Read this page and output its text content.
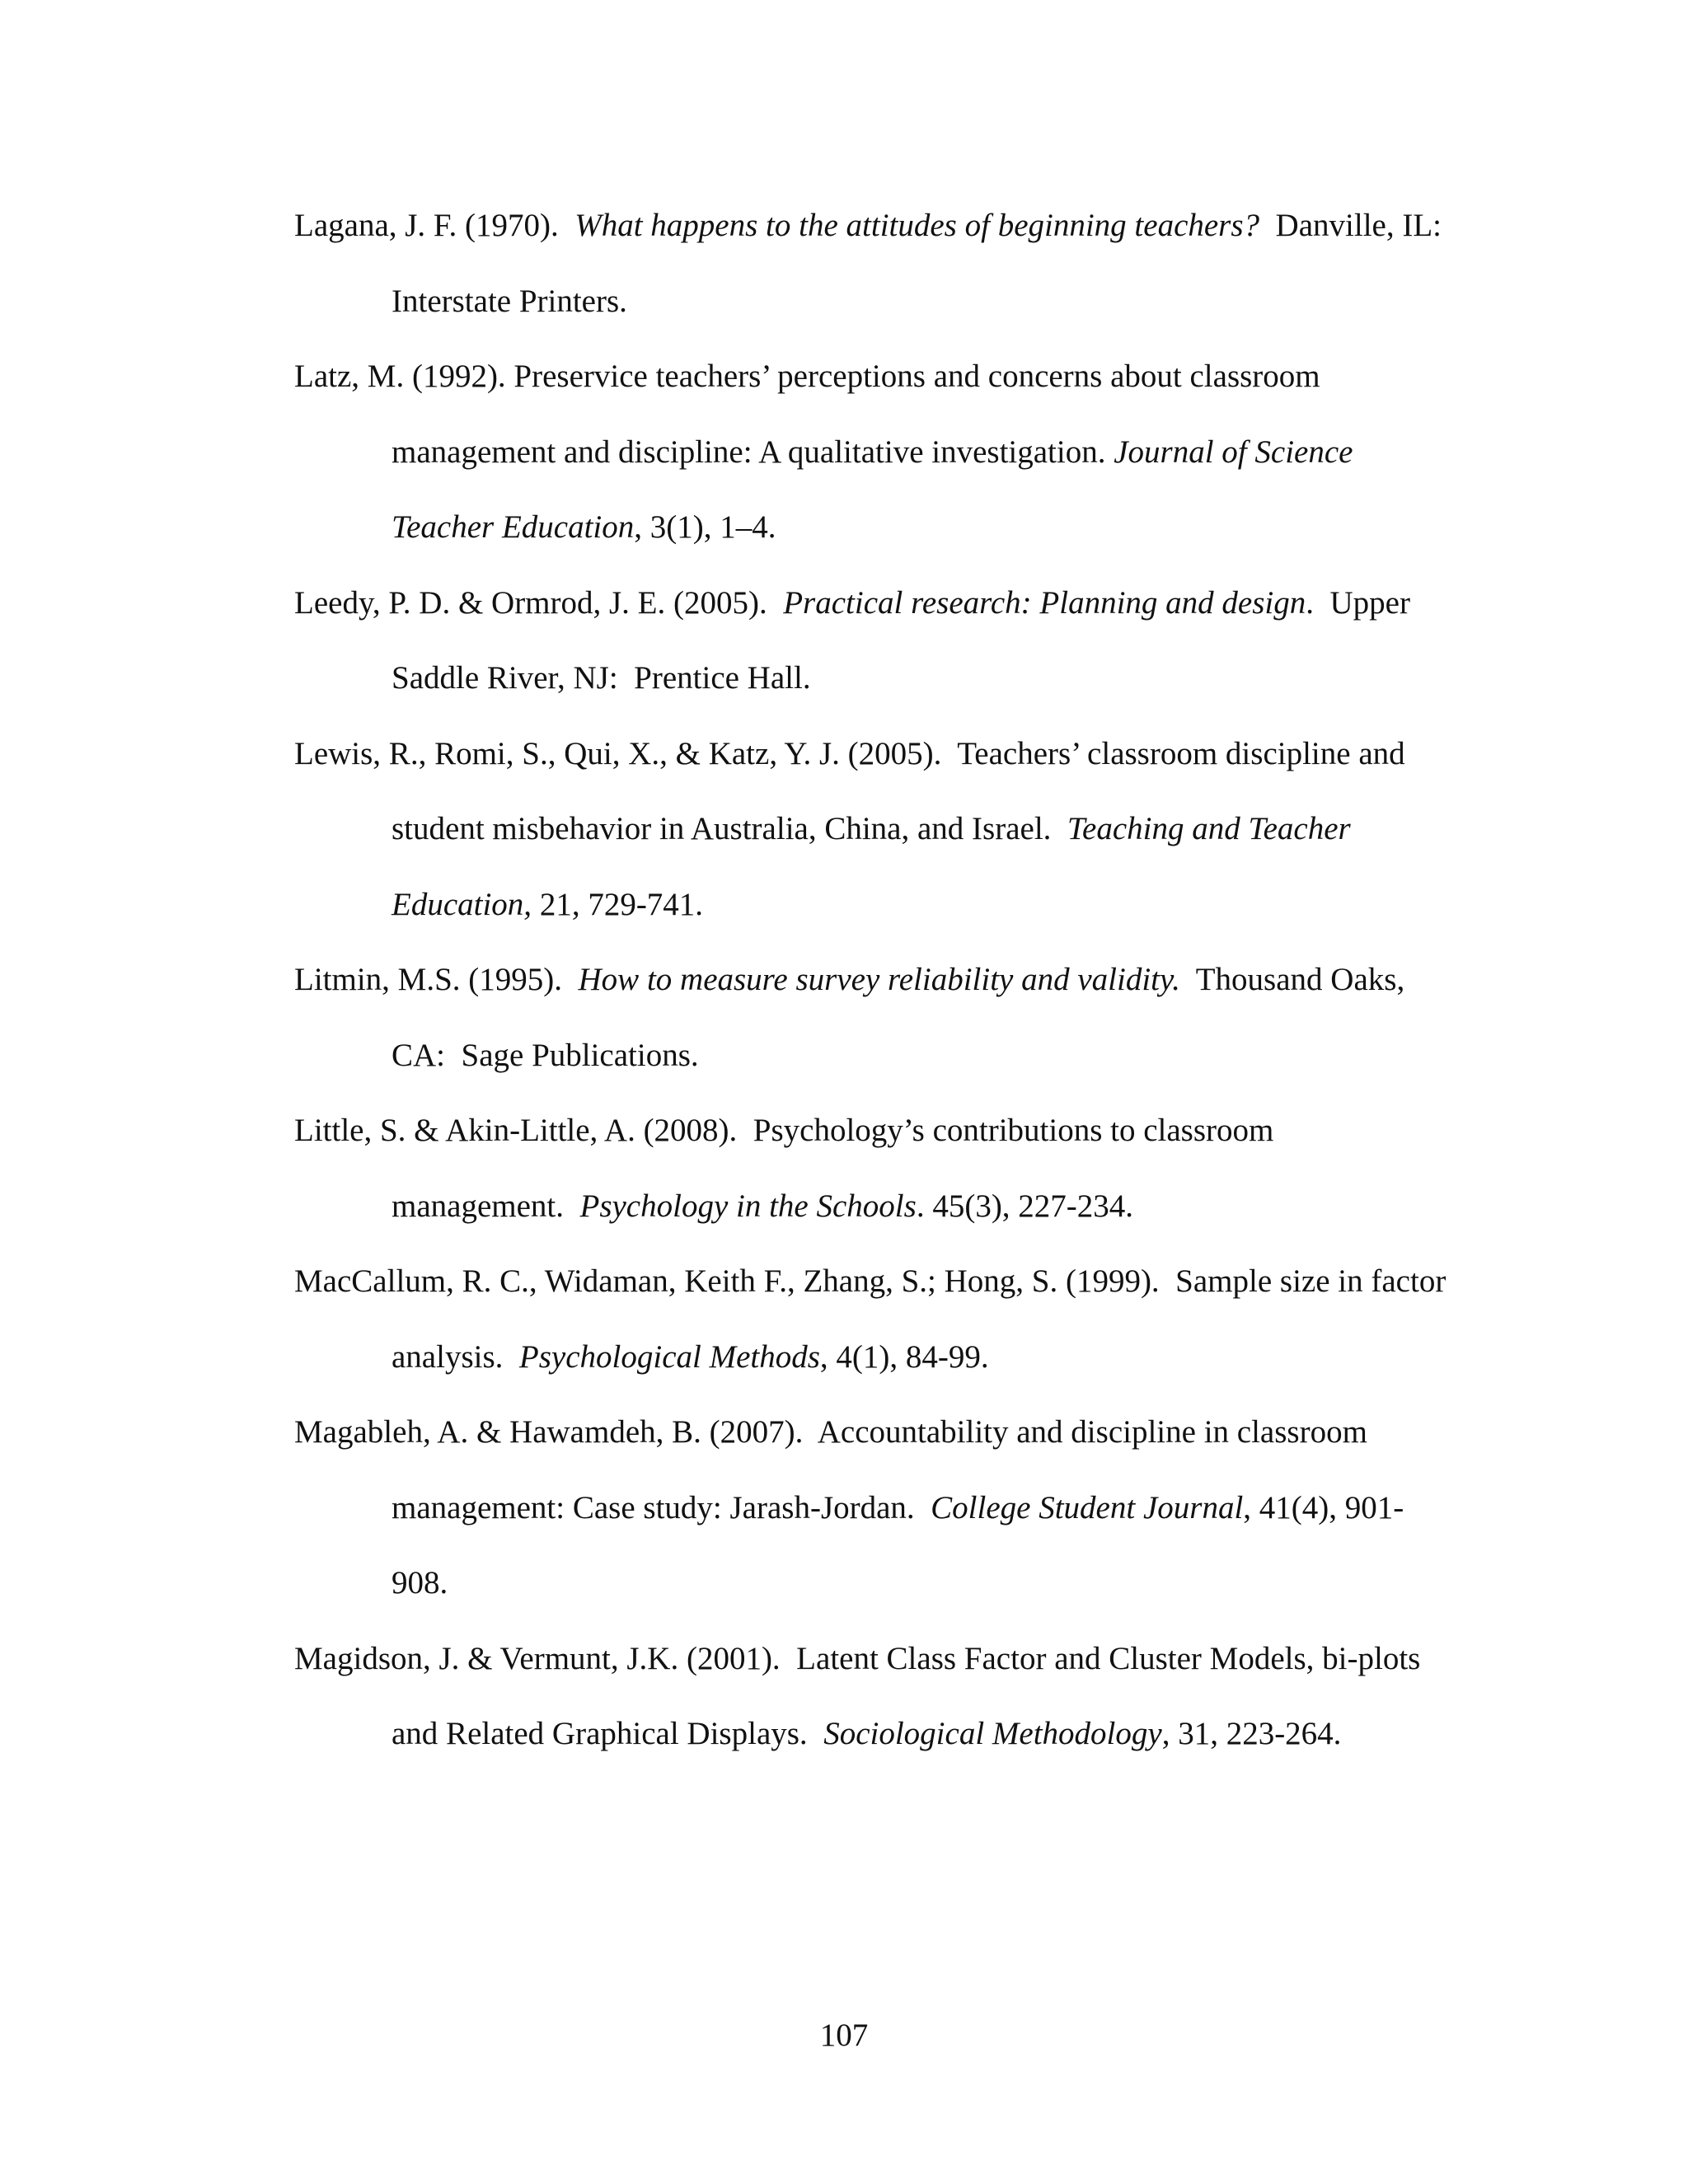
Lagana, J. F. (1970).  What happens to the attitudes of beginning teachers?  Danville, IL:
Interstate Printers.
Latz, M. (1992). Preservice teachers’ perceptions and concerns about classroom
management and discipline: A qualitative investigation. Journal of Science
Teacher Education, 3(1), 1–4.
Leedy, P. D. & Ormrod, J. E. (2005).  Practical research: Planning and design.  Upper
Saddle River, NJ:  Prentice Hall.
Lewis, R., Romi, S., Qui, X., & Katz, Y. J. (2005).  Teachers’ classroom discipline and
student misbehavior in Australia, China, and Israel.  Teaching and Teacher
Education, 21, 729-741.
Litmin, M.S. (1995).  How to measure survey reliability and validity.  Thousand Oaks,
CA:  Sage Publications.
Little, S. & Akin-Little, A. (2008).  Psychology’s contributions to classroom
management.  Psychology in the Schools. 45(3), 227-234.
MacCallum, R. C., Widaman, Keith F., Zhang, S.; Hong, S. (1999).  Sample size in factor
analysis.  Psychological Methods, 4(1), 84-99.
Magableh, A. & Hawamdeh, B. (2007).  Accountability and discipline in classroom
management: Case study: Jarash-Jordan.  College Student Journal, 41(4), 901-
908.
Magidson, J. & Vermunt, J.K. (2001).  Latent Class Factor and Cluster Models, bi-plots
and Related Graphical Displays.  Sociological Methodology, 31, 223-264.
107
